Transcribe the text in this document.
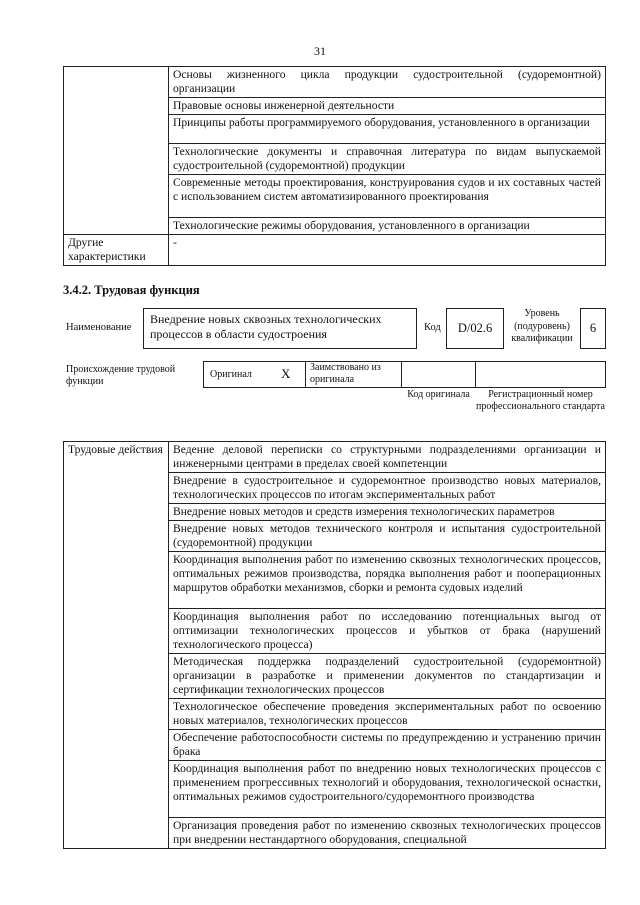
31
	Основы жизненного цикла продукции судостроительной (судоремонтной) организации
	Правовые основы инженерной деятельности
	Принципы работы программируемого оборудования, установленного в организации
	Технологические документы и справочная литература по видам выпускаемой судостроительной (судоремонтной) продукции
	Современные методы проектирования, конструирования судов и их составных частей с использованием систем автоматизированного проектирования
	Технологические режимы оборудования, установленного в организации
Другие характеристики	-
3.4.2. Трудовая функция
Наименование
Внедрение новых сквозных технологических процессов в области судостроения	Код	D/02.6
Уровень (подуровень) квалификации
6
Происхождение трудовой функции
Оригинал X Заимствовано из оригинала
Код оригинала	Регистрационный номер профессионального стандарта
Трудовые действия	Ведение деловой переписки со структурными подразделениями организации и инженерными центрами в пределах своей компетенции
Внедрение в судостроительное и судоремонтное производство новых материалов, технологических процессов по итогам экспериментальных работ
Внедрение новых методов и средств измерения технологических параметров
Внедрение новых методов технического контроля и испытания судостроительной (судоремонтной) продукции
Координация выполнения работ по изменению сквозных технологических процессов, оптимальных режимов производства, порядка выполнения работ и пооперационных маршрутов обработки механизмов, сборки и ремонта судовых изделий
Координация выполнения работ по исследованию потенциальных выгод от оптимизации технологических процессов и убытков от брака (нарушений технологического процесса)
Методическая поддержка подразделений судостроительной (судоремонтной) организации в разработке и применении документов по стандартизации и сертификации технологических процессов
Технологическое обеспечение проведения экспериментальных работ по освоению новых материалов, технологических процессов
Обеспечение работоспособности системы по предупреждению и устранению причин брака
Координация выполнения работ по внедрению новых технологических процессов с применением прогрессивных технологий и оборудования, технологической оснастки, оптимальных режимов судостроительного/судоремонтного производства
Организация проведения работ по изменению сквозных технологических процессов при внедрении нестандартного оборудования, специальной
